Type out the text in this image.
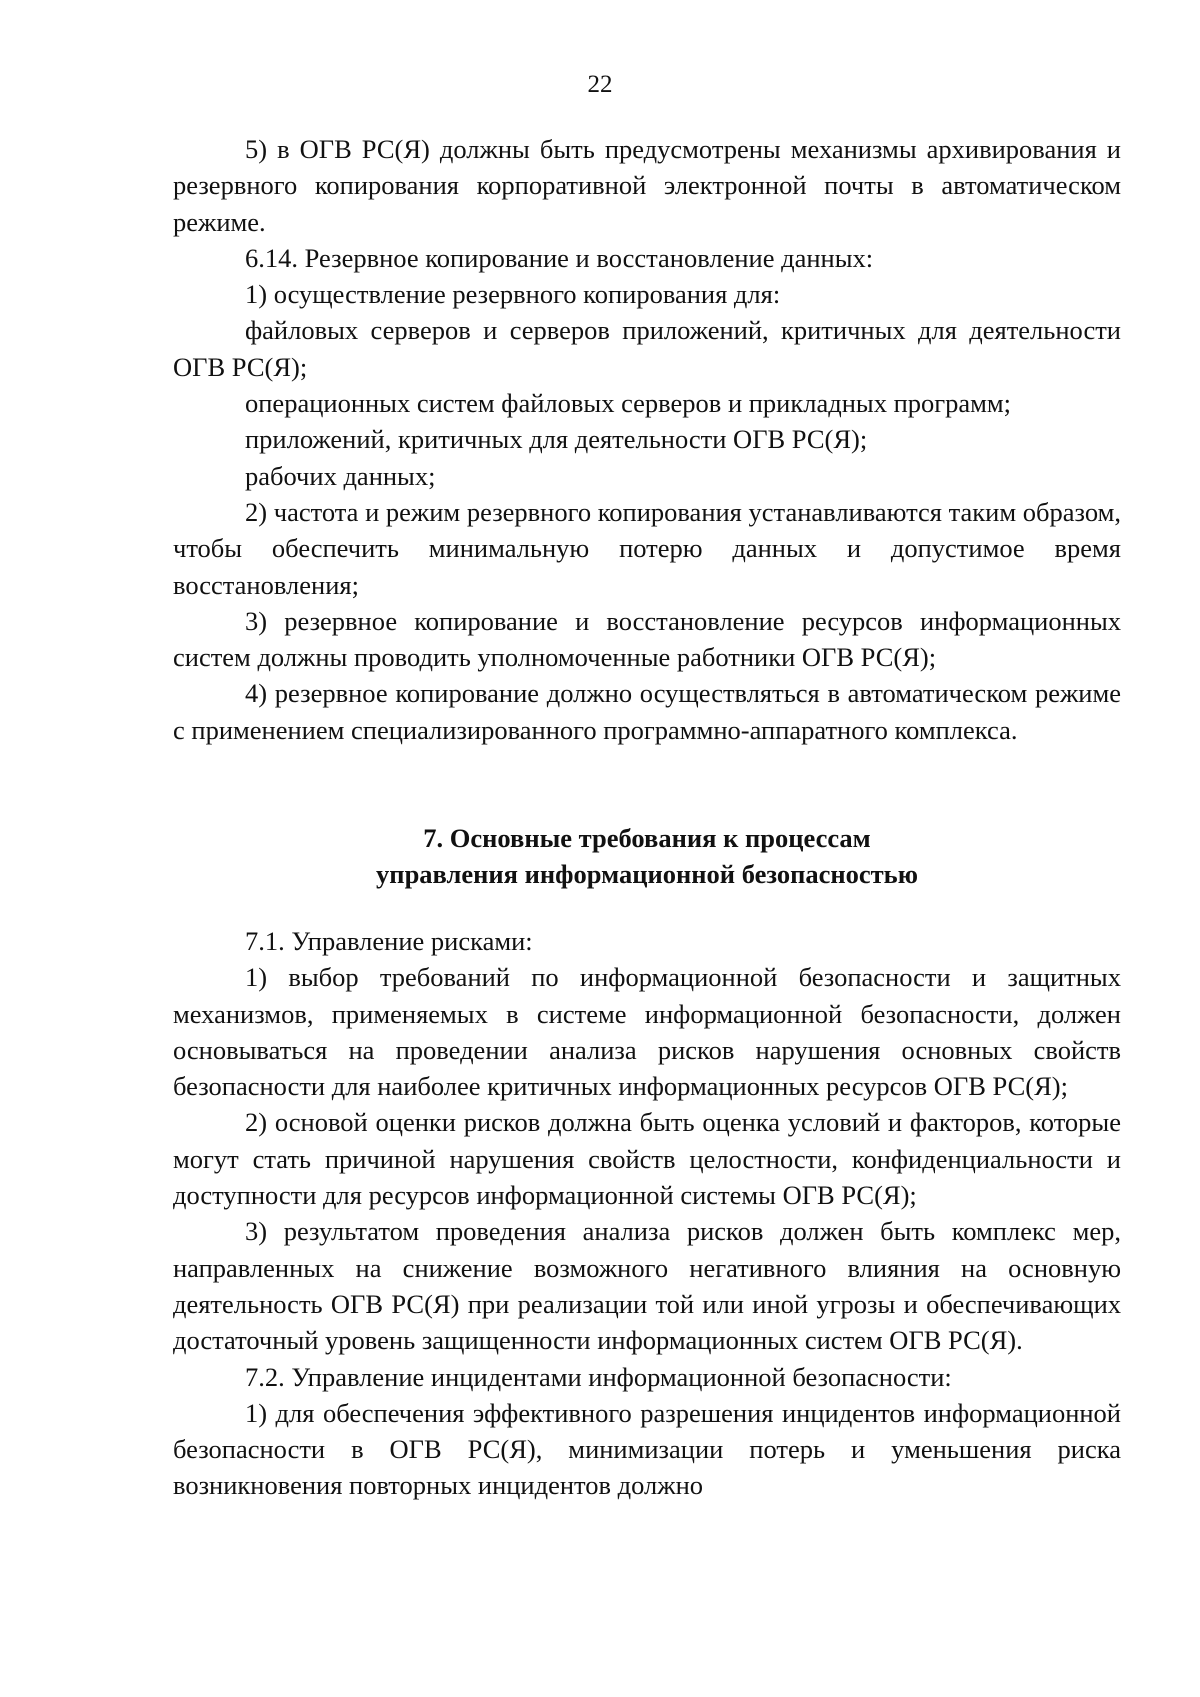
22

5) в ОГВ РС(Я) должны быть предусмотрены механизмы архивирования и резервного копирования корпоративной электронной почты в автоматическом режиме.

6.14. Резервное копирование и восстановление данных:

1) осуществление резервного копирования для:

файловых серверов и серверов приложений, критичных для деятельности ОГВ РС(Я);

операционных систем файловых серверов и прикладных программ;

приложений, критичных для деятельности ОГВ РС(Я);

рабочих данных;

2) частота и режим резервного копирования устанавливаются таким образом, чтобы обеспечить минимальную потерю данных и допустимое время восстановления;

3) резервное копирование и восстановление ресурсов информационных систем должны проводить уполномоченные работники ОГВ РС(Я);

4) резервное копирование должно осуществляться в автоматическом режиме с применением специализированного программно-аппаратного комплекса.

7. Основные требования к процессам
управления информационной безопасностью

7.1. Управление рисками:

1) выбор требований по информационной безопасности и защитных механизмов, применяемых в системе информационной безопасности, должен основываться на проведении анализа рисков нарушения основных свойств безопасности для наиболее критичных информационных ресурсов ОГВ РС(Я);

2) основой оценки рисков должна быть оценка условий и факторов, которые могут стать причиной нарушения свойств целостности, конфиденциальности и доступности для ресурсов информационной системы ОГВ РС(Я);

3) результатом проведения анализа рисков должен быть комплекс мер, направленных на снижение возможного негативного влияния на основную деятельность ОГВ РС(Я) при реализации той или иной угрозы и обеспечивающих достаточный уровень защищенности информационных систем ОГВ РС(Я).

7.2. Управление инцидентами информационной безопасности:

1) для обеспечения эффективного разрешения инцидентов информационной безопасности в ОГВ РС(Я), минимизации потерь и уменьшения риска возникновения повторных инцидентов должно
